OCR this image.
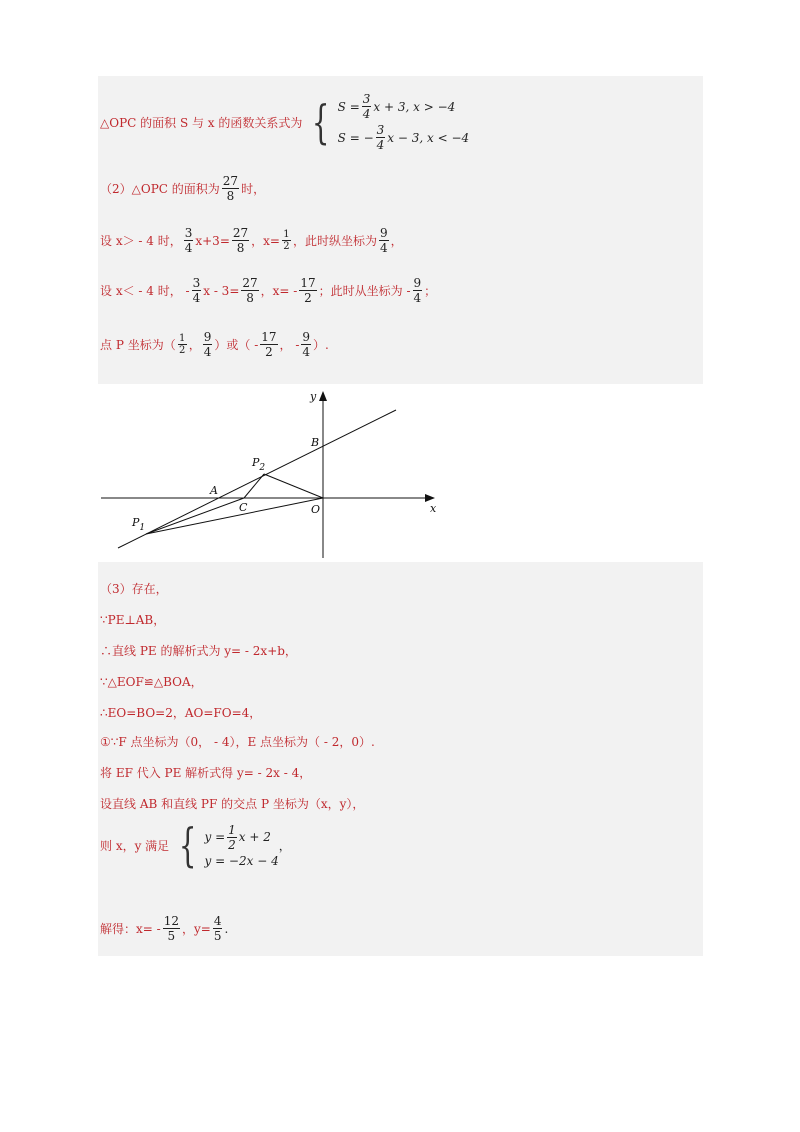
△OPC 的面积 S 与 x 的函数关系式为 { $S = \frac{3}{4}$ x + 3, x > −4
S = − $\frac{3}{4}$ x − 3, x < −4
（2）△OPC 的面积为 $\frac{27}{8}$ 时，
设 x＞ - 4 时， $\frac{3}{4} x+3= \frac{27}{8}$ ，$x= \frac{1}{2}$ ，此时纵坐标为 $\frac{9}{4}$ ，
设 x＜ - 4 时， - $\frac{3}{4}$ $x - 3= \frac{27}{8}$ ，$x= - \frac{17}{2}$ ；此时从坐标为 - $\frac{9}{4}$ ；
点 P 坐标为（ $\frac{1}{2}$ ， $\frac{9}{4}$ ）或（ - $\frac{17}{2}$ ， - $\frac{9}{4}$ ）.
y
x
B
$P_2$
A
C	O
$P_1$
（3）存在，
∵PE⊥AB，
∴直线 PE 的解析式为 y= - 2x+b，
∵△EOF≌△BOA，
∴EO=BO=2，AO=FO=4，
①∵F 点坐标为（0， - 4），E 点坐标为（ - 2，0）.
将 EF 代入 PE 解析式得 y= - 2x - 4，
设直线 AB 和直线 PF 的交点 P 坐标为（x，y），
则 x，y 满足 { $y = \frac{1}{2}$ x + 2
y = −2x − 4
，
解得：$x= - \frac{12}{5}$ ，$y= \frac{4}{5}$ .
